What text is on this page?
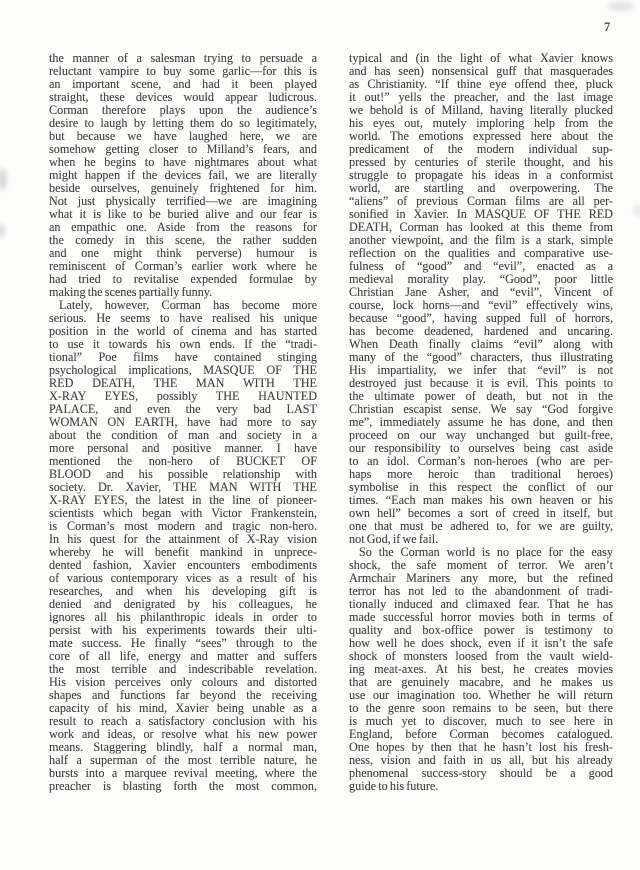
7
the manner of a salesman trying to persuade a
reluctant vampire to buy some garlic—for this is
an important scene, and had it been played
straight, these devices would appear ludicrous.
Corman therefore plays upon the audience’s
desire to laugh by letting them do so legitimately,
but because we have laughed here, we are
somehow getting closer to Milland’s fears, and
when he begins to have nightmares about what
might happen if the devices fail, we are literally
beside ourselves, genuinely frightened for him.
Not just physically terrified—we are imagining
what it is like to be buried alive and our fear is
an empathic one. Aside from the reasons for
the comedy in this scene, the rather sudden
and one might think perverse) humour is
reminiscent of Corman’s earlier work where he
had tried to revitalise expended formulae by
making the scenes partially funny.
Lately, however, Corman has become more
serious. He seems to have realised his unique
position in the world of cinema and has started
to use it towards his own ends. If the “tradi-
tional” Poe films have contained stinging
psychological implications, MASQUE OF THE
RED DEATH, THE MAN WITH THE
X-RAY EYES, possibly THE HAUNTED
PALACE, and even the very bad LAST
WOMAN ON EARTH, have had more to say
about the condition of man and society in a
more personal and positive manner. I have
mentioned the non-hero of BUCKET OF
BLOOD and his possible relationship with
society. Dr. Xavier, THE MAN WITH THE
X-RAY EYES, the latest in the line of pioneer-
scientists which began with Victor Frankenstein,
is Corman’s most modern and tragic non-hero.
In his quest for the attainment of X-Ray vision
whereby he will benefit mankind in unprece-
dented fashion, Xavier encounters embodiments
of various contemporary vices as a result of his
researches, and when his developing gift is
denied and denigrated by his colleagues, he
ignores all his philanthropic ideals in order to
persist with his experiments towards their ulti-
mate success. He finally “sees” through to the
core of all life, energy and matter and suffers
the most terrible and indescribable revelation.
His vision perceives only colours and distorted
shapes and functions far beyond the receiving
capacity of his mind, Xavier being unable as a
result to reach a satisfactory conclusion with his
work and ideas, or resolve what his new power
means. Staggering blindly, half a normal man,
half a superman of the most terrible nature, he
bursts into a marquee revival meeting, where the
preacher is blasting forth the most common,
typical and (in the light of what Xavier knows
and has seen) nonsensical guff that masquerades
as Christianity. “If thine eye offend thee, pluck
it out!” yells the preacher, and the last image
we behold is of Milland, having literally plucked
his eyes out, mutely imploring help from the
world. The emotions expressed here about the
predicament of the modern individual sup-
pressed by centuries of sterile thought, and his
struggle to propagate his ideas in a conformist
world, are startling and overpowering. The
“aliens” of previous Corman films are all per-
sonified in Xavier. In MASQUE OF THE RED
DEATH, Corman has looked at this theme from
another viewpoint, and the film is a stark, simple
reflection on the qualities and comparative use-
fulness of “good” and “evil”, enacted as a
medieval morality play. “Good”, poor little
Christian Jane Asher, and “evil”, Vincent of
course, lock horns—and “evil” effectively wins,
because “good”, having supped full of horrors,
has become deadened, hardened and uncaring.
When Death finally claims “evil” along with
many of the “good” characters, thus illustrating
His impartiality, we infer that “evil” is not
destroyed just because it is evil. This points to
the ultimate power of death, but not in the
Christian escapist sense. We say “God forgive
me”, immediately assume he has done, and then
proceed on our way unchanged but guilt-free,
our responsibility to ourselves being cast aside
to an idol. Corman’s non-heroes (who are per-
haps more heroic than traditional heroes)
symbolise in this respect the conflict of our
times. “Each man makes his own heaven or his
own hell” becomes a sort of creed in itself, but
one that must be adhered to, for we are guilty,
not God, if we fail.
So the Corman world is no place for the easy
shock, the safe moment of terror. We aren’t
Armchair Mariners any more, but the refined
terror has not led to the abandonment of tradi-
tionally induced and climaxed fear. That he has
made successful horror movies both in terms of
quality and box-office power is testimony to
how well he does shock, even if it isn’t the safe
shock of monsters loosed from the vault wield-
ing meat-axes. At his best, he creates movies
that are genuinely macabre, and he makes us
use our imagination too. Whether he will return
to the genre soon remains to be seen, but there
is much yet to discover, much to see here in
England, before Corman becomes catalogued.
One hopes by then that he hasn’t lost his fresh-
ness, vision and faith in us all, but his already
phenomenal success-story should be a good
guide to his future.
